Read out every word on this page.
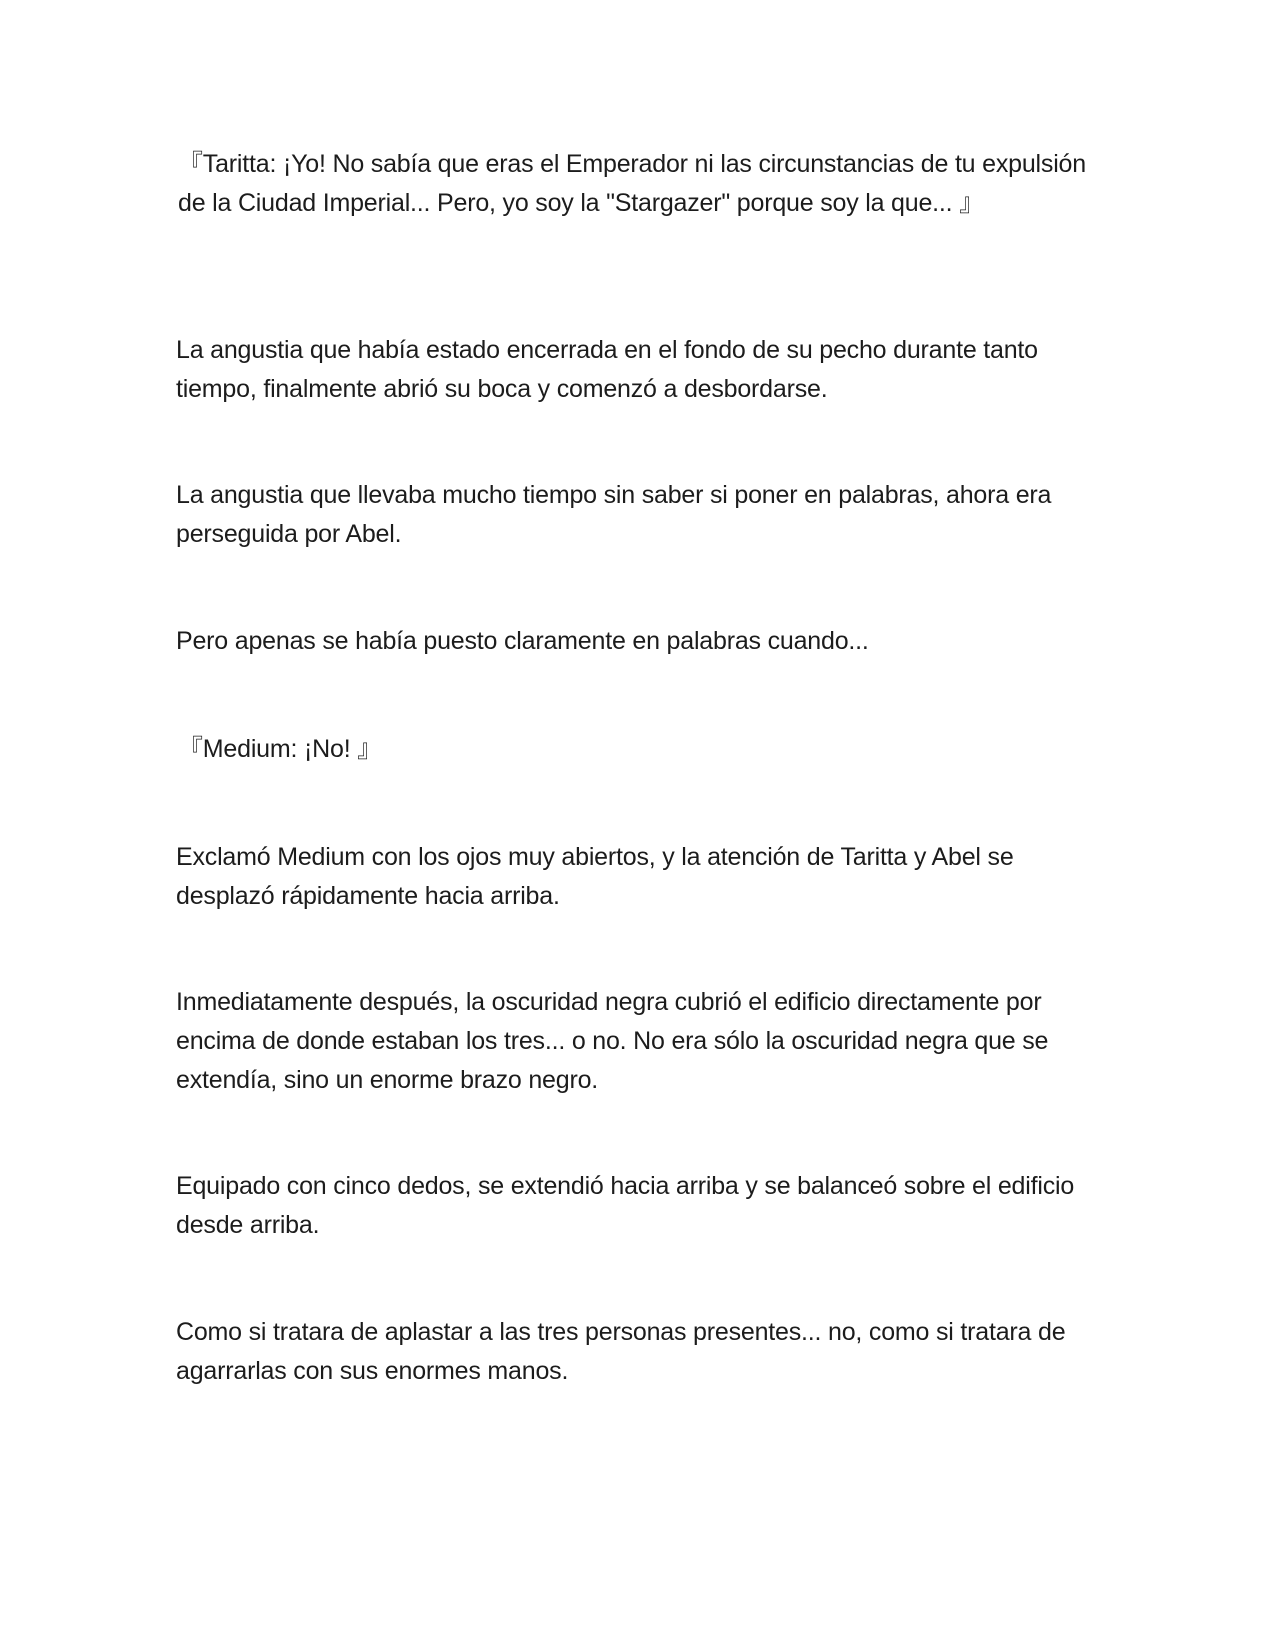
『Taritta: ¡Yo! No sabía que eras el Emperador ni las circunstancias de tu expulsión de la Ciudad Imperial... Pero, yo soy la "Stargazer" porque soy la que... 』

La angustia que había estado encerrada en el fondo de su pecho durante tanto tiempo, finalmente abrió su boca y comenzó a desbordarse.

La angustia que llevaba mucho tiempo sin saber si poner en palabras, ahora era perseguida por Abel.

Pero apenas se había puesto claramente en palabras cuando...

『Medium: ¡No! 』

Exclamó Medium con los ojos muy abiertos, y la atención de Taritta y Abel se desplazó rápidamente hacia arriba.

Inmediatamente después, la oscuridad negra cubrió el edificio directamente por encima de donde estaban los tres... o no. No era sólo la oscuridad negra que se extendía, sino un enorme brazo negro.

Equipado con cinco dedos, se extendió hacia arriba y se balanceó sobre el edificio desde arriba.

Como si tratara de aplastar a las tres personas presentes... no, como si tratara de agarrarlas con sus enormes manos.
